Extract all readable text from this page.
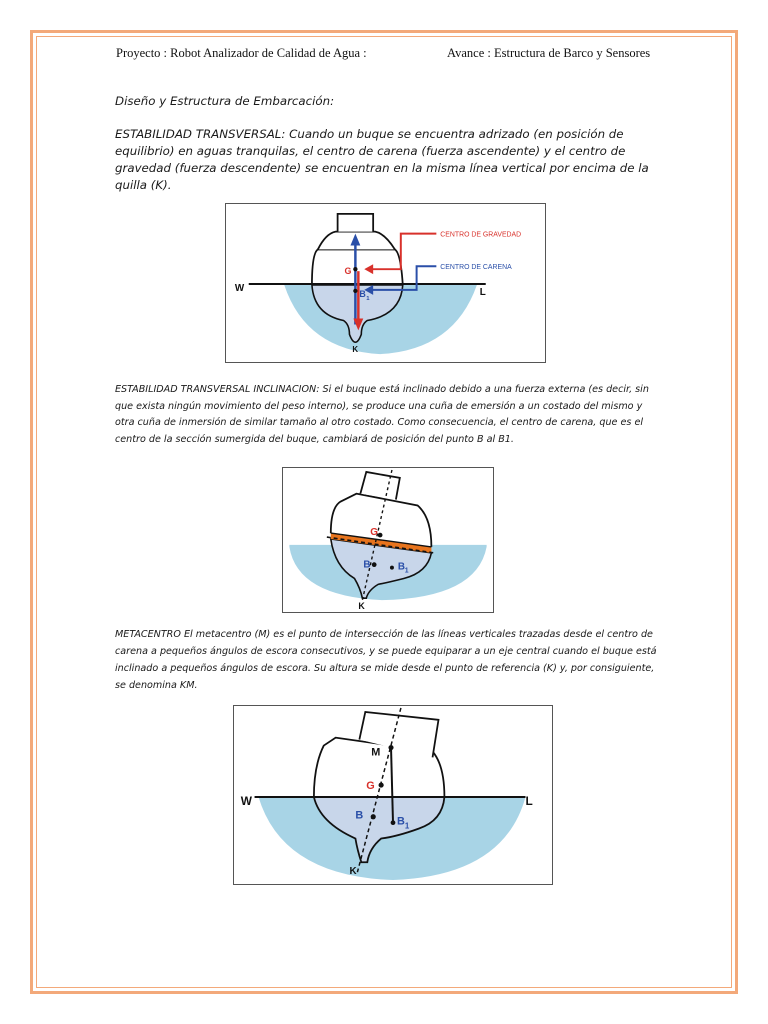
Proyecto : Robot Analizador de Calidad de Agua :	Avance : Estructura de Barco y Sensores
Diseño y Estructura de Embarcación:
ESTABILIDAD TRANSVERSAL: Cuando un buque se encuentra adrizado (en posición de equilibrio) en aguas tranquilas, el centro de carena (fuerza ascendente) y el centro de gravedad (fuerza descendente) se encuentran en la misma línea vertical por encima de la quilla (K).
G
B 1
CENTRO DE GRAVEDAD
CENTRO DE CARENA
W	L
K
ESTABILIDAD TRANSVERSAL INCLINACION: Si el buque está inclinado debido a una fuerza externa (es decir, sin que exista ningún movimiento del peso interno), se produce una cuña de emersión a un costado del mismo y otra cuña de inmersión de similar tamaño al otro costado. Como consecuencia, el centro de carena, que es el centro de la sección sumergida del buque, cambiará de posición del punto B al B1.
G
B	B 1
K
METACENTRO El metacentro (M) es el punto de intersección de las líneas verticales trazadas desde el centro de carena a pequeños ángulos de escora consecutivos, y se puede equiparar a un eje central cuando el buque está inclinado a pequeños ángulos de escora. Su altura se mide desde el punto de referencia (K) y, por consiguiente, se denomina KM.
M
G
B	B 1
W	L
K
